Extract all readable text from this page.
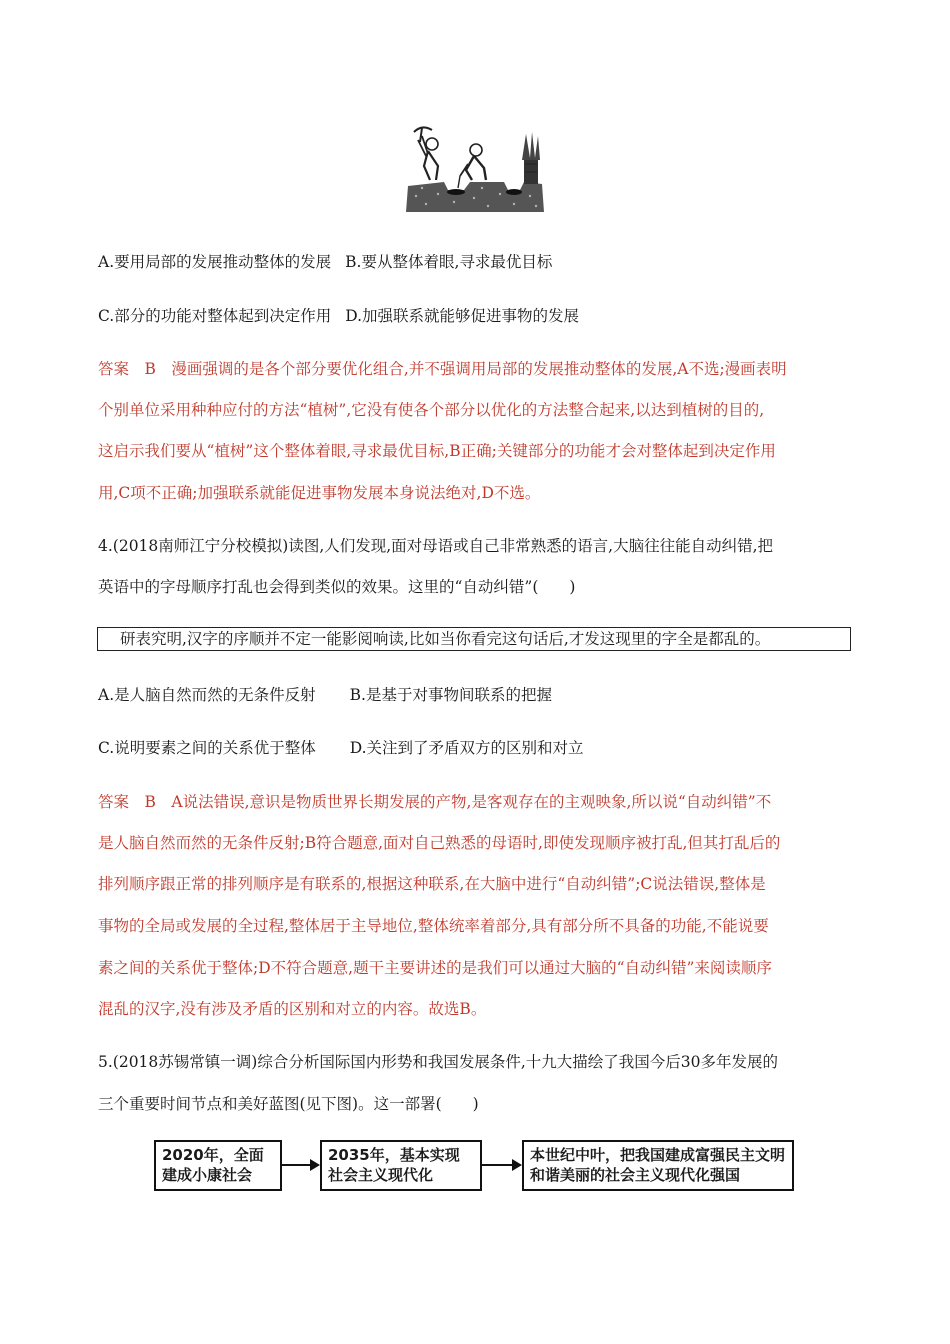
A.要用局部的发展推动整体的发展 B.要从整体着眼,寻求最优目标
C.部分的功能对整体起到决定作用 D.加强联系就能够促进事物的发展
答案　B　漫画强调的是各个部分要优化组合,并不强调用局部的发展推动整体的发展,A不选;漫画表明
个别单位采用种种应付的方法“植树”,它没有使各个部分以优化的方法整合起来,以达到植树的目的,
这启示我们要从“植树”这个整体着眼,寻求最优目标,B正确;关键部分的功能才会对整体起到决定作用
用,C项不正确;加强联系就能促进事物发展本身说法绝对,D不选。
4.(2018南师江宁分校模拟)读图,人们发现,面对母语或自己非常熟悉的语言,大脑往往能自动纠错,把
英语中的字母顺序打乱也会得到类似的效果。这里的“自动纠错”(　　)
研表究明,汉字的序顺并不定一能影阅响读,比如当你看完这句话后,才发这现里的字全是都乱的。
A.是人脑自然而然的无条件反射 B.是基于对事物间联系的把握
C.说明要素之间的关系优于整体 D.关注到了矛盾双方的区别和对立
答案　B　A说法错误,意识是物质世界长期发展的产物,是客观存在的主观映象,所以说“自动纠错”不
是人脑自然而然的无条件反射;B符合题意,面对自己熟悉的母语时,即使发现顺序被打乱,但其打乱后的
排列顺序跟正常的排列顺序是有联系的,根据这种联系,在大脑中进行“自动纠错”;C说法错误,整体是
事物的全局或发展的全过程,整体居于主导地位,整体统率着部分,具有部分所不具备的功能,不能说要
素之间的关系优于整体;D不符合题意,题干主要讲述的是我们可以通过大脑的“自动纠错”来阅读顺序
混乱的汉字,没有涉及矛盾的区别和对立的内容。故选B。
5.(2018苏锡常镇一调)综合分析国际国内形势和我国发展条件,十九大描绘了我国今后30多年发展的
三个重要时间节点和美好蓝图(见下图)。这一部署(　　)
2020年，全面建成小康社会
2035年，基本实现社会主义现代化
本世纪中叶，把我国建成富强民主文明和谐美丽的社会主义现代化强国
